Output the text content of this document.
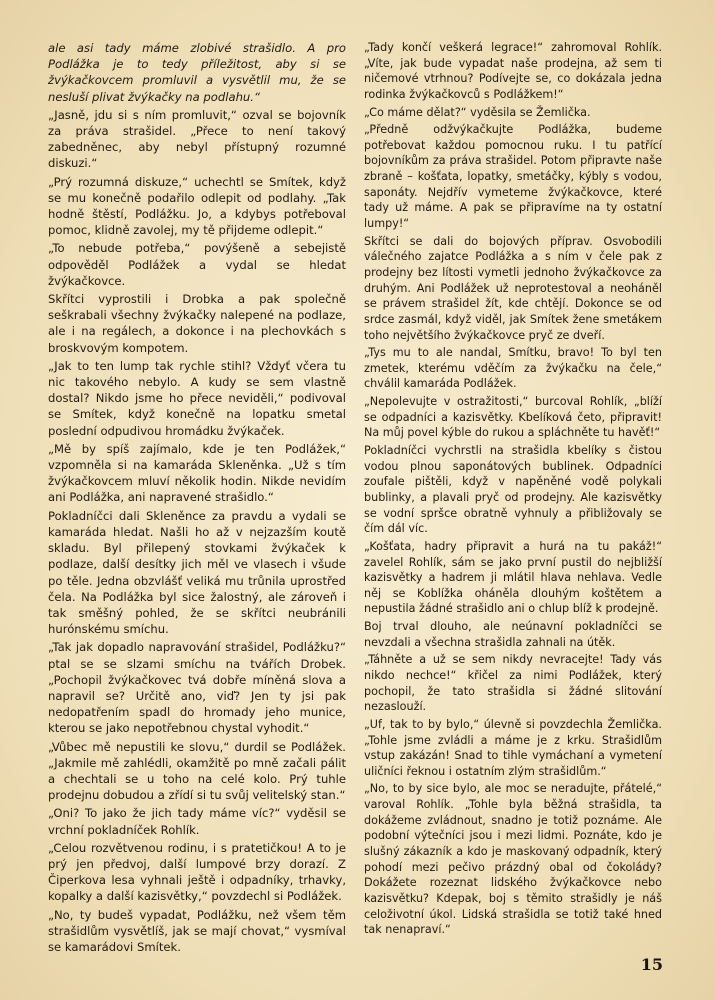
ale asi tady máme zlobivé strašidlo. A pro Podlážka je to tedy příležitost, aby si se žvýkačkovcem promluvil a vysvětlil mu, že se nesluší plivat žvýkačky na podlahu.“

„Jasně, jdu si s ním promluvit,“ ozval se bojovník za práva strašidel. „Přece to není takový zabedněnec, aby nebyl přístupný rozumné diskuzi.“

„Prý rozumná diskuze,“ uchechtl se Smítek, když se mu konečně podařilo odlepit od podlahy. „Tak hodně štěstí, Podlážku. Jo, a kdybys potřeboval pomoc, klidně zavolej, my tě přijdeme odlepit.“

„To nebude potřeba,“ povýšeně a sebejistě odpověděl Podlážek a vydal se hledat žvýkačkovce.

Skřítci vyprostili i Drobka a pak společně seškrabali všechny žvýkačky nalepené na podlaze, ale i na regálech, a dokonce i na plechovkách s broskvovým kompotem.

„Jak to ten lump tak rychle stihl? Vždyť včera tu nic takového nebylo. A kudy se sem vlastně dostal? Nikdo jsme ho přece neviděli,“ podivoval se Smítek, když konečně na lopatku smetal poslední odpudivou hromádku žvýkaček.

„Mě by spíš zajímalo, kde je ten Podlážek,“ vzpomněla si na kamaráda Skleněnka. „Už s tím žvýkačkovcem mluví několik hodin. Nikde nevidím ani Podlážka, ani napravené strašidlo.“

Pokladníčci dali Skleněnce za pravdu a vydali se kamaráda hledat. Našli ho až v nejzazším koutě skladu. Byl přilepený stovkami žvýkaček k podlaze, další desítky jich měl ve vlasech i všude po těle. Jedna obzvlášť veliká mu trůnila uprostřed čela. Na Podlážka byl sice žalostný, ale zároveň i tak směšný pohled, že se skřítci neubránili hurónskému smíchu.

„Tak jak dopadlo napravování strašidel, Podlážku?“ ptal se se slzami smíchu na tvářích Drobek. „Pochopil žvýkačkovec tvá dobře míněná slova a napravil se? Určitě ano, viď? Jen ty jsi pak nedopatřením spadl do hromady jeho munice, kterou se jako nepotřebnou chystal vyhodit.“

„Vůbec mě nepustili ke slovu,“ durdil se Podlážek. „Jakmile mě zahlédli, okamžitě po mně začali pálit a chechtali se u toho na celé kolo. Prý tuhle prodejnu dobudou a zřídí si tu svůj velitelský stan.“

„Oni? To jako že jich tady máme víc?“ vyděsil se vrchní pokladníček Rohlík.

„Celou rozvětvenou rodinu, i s pratetičkou! A to je prý jen předvoj, další lumpové brzy dorazí. Z Čiperkova lesa vyhnali ještě i odpadníky, trhavky, kopalky a další kazisvětky,“ povzdechl si Podlážek.

„No, ty budeš vypadat, Podlážku, než všem těm strašidlům vysvětlíš, jak se mají chovat,“ vysmíval se kamarádovi Smítek.

„Tady končí veškerá legrace!“ zahromoval Rohlík. „Víte, jak bude vypadat naše prodejna, až sem ti ničemové vtrhnou? Podívejte se, co dokázala jedna rodinka žvýkačkovců s Podlážkem!“

„Co máme dělat?“ vyděsila se Žemlička.

„Předně odžvýkačkujte Podlážka, budeme potřebovat každou pomocnou ruku. I tu patřící bojovníkům za práva strašidel. Potom připravte naše zbraně – košťata, lopatky, smetáčky, kýbly s vodou, saponáty. Nejdřív vymeteme žvýkačkovce, které tady už máme. A pak se připravíme na ty ostatní lumpy!“

Skřítci se dali do bojových příprav. Osvobodili válečného zajatce Podlážka a s ním v čele pak z prodejny bez lítosti vymetli jednoho žvýkačkovce za druhým. Ani Podlážek už neprotestoval a neoháněl se právem strašidel žít, kde chtějí. Dokonce se od srdce zasmál, když viděl, jak Smítek žene smetákem toho největšího žvýkačkovce pryč ze dveří.

„Tys mu to ale nandal, Smítku, bravo! To byl ten zmetek, kterému vděčím za žvýkačku na čele,“ chválil kamaráda Podlážek.

„Nepolevujte v ostražitosti,“ burcoval Rohlík, „blíží se odpadníci a kazisvětky. Kbelíková četo, připravit! Na můj povel kýble do rukou a spláchněte tu havěť!“

Pokladníčci vychrstli na strašidla kbelíky s čistou vodou plnou saponátových bublinek. Odpadníci zoufale pištěli, když v napěněné vodě polykali bublinky, a plavali pryč od prodejny. Ale kazisvětky se vodní spršce obratně vyhnuly a přibližovaly se čím dál víc.

„Košťata, hadry připravit a hurá na tu pakáž!“ zavelel Rohlík, sám se jako první pustil do nejbližší kazisvětky a hadrem ji mlátil hlava nehlava. Vedle něj se Koblížka oháněla dlouhým koštětem a nepustila žádné strašidlo ani o chlup blíž k prodejně.

Boj trval dlouho, ale neúnavní pokladníčci se nevzdali a všechna strašidla zahnali na útěk.

„Táhněte a už se sem nikdy nevracejte! Tady vás nikdo nechce!“ křičel za nimi Podlážek, který pochopil, že tato strašidla si žádné slitování nezaslouží.

„Uf, tak to by bylo,“ úlevně si povzdechla Žemlička. „Tohle jsme zvládli a máme je z krku. Strašidlům vstup zakázán! Snad to tihle vymáchaní a vymetení uličníci řeknou i ostatním zlým strašidlům.“

„No, to by sice bylo, ale moc se neradujte, přátelé,“ varoval Rohlík. „Tohle byla běžná strašidla, ta dokážeme zvládnout, snadno je totiž poznáme. Ale podobní výtečníci jsou i mezi lidmi. Poznáte, kdo je slušný zákazník a kdo je maskovaný odpadník, který pohodí mezi pečivo prázdný obal od čokolády? Dokážete rozeznat lidského žvýkačkovce nebo kazisvětku? Kdepak, boj s těmito strašidly je náš celoživotní úkol. Lidská strašidla se totiž také hned tak nenapraví.“

15
